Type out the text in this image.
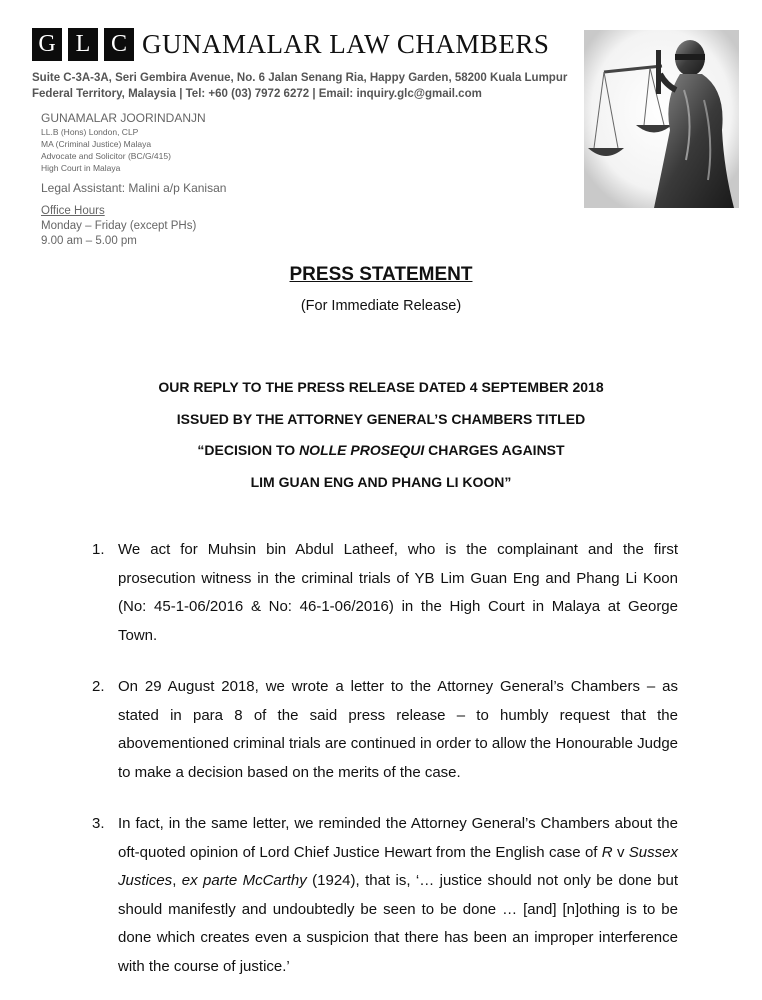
G L C GUNAMALAR LAW CHAMBERS
Suite C-3A-3A, Seri Gembira Avenue, No. 6 Jalan Senang Ria, Happy Garden, 58200 Kuala Lumpur
Federal Territory, Malaysia | Tel: +60 (03) 7972 6272 | Email: inquiry.glc@gmail.com
GUNAMALAR JOORINDANJN
LL.B (Hons) London, CLP
MA (Criminal Justice) Malaya
Advocate and Solicitor (BC/G/415)
High Court in Malaya
Legal Assistant: Malini a/p Kanisan
Office Hours
Monday – Friday (except PHs)
9.00 am – 5.00 pm
PRESS STATEMENT
(For Immediate Release)
OUR REPLY TO THE PRESS RELEASE DATED 4 SEPTEMBER 2018
ISSUED BY THE ATTORNEY GENERAL’S CHAMBERS TITLED
“DECISION TO NOLLE PROSEQUI CHARGES AGAINST
LIM GUAN ENG AND PHANG LI KOON”
1. We act for Muhsin bin Abdul Latheef, who is the complainant and the first prosecution witness in the criminal trials of YB Lim Guan Eng and Phang Li Koon (No: 45-1-06/2016 & No: 46-1-06/2016) in the High Court in Malaya at George Town.
2. On 29 August 2018, we wrote a letter to the Attorney General’s Chambers – as stated in para 8 of the said press release – to humbly request that the abovementioned criminal trials are continued in order to allow the Honourable Judge to make a decision based on the merits of the case.
3. In fact, in the same letter, we reminded the Attorney General’s Chambers about the oft-quoted opinion of Lord Chief Justice Hewart from the English case of R v Sussex Justices, ex parte McCarthy (1924), that is, ‘… justice should not only be done but should manifestly and undoubtedly be seen to be done … [and] [n]othing is to be done which creates even a suspicion that there has been an improper interference with the course of justice.’
